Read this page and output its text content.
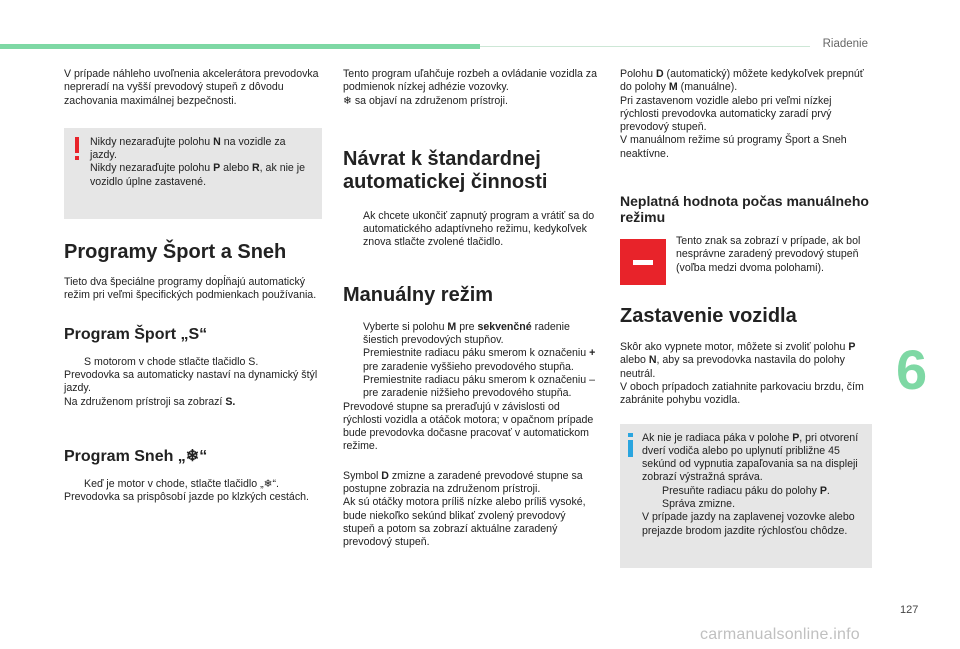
Riadenie

V prípade náhleho uvoľnenia akcelerátora prevodovka nepreradí na vyšší prevodový stupeň z dôvodu zachovania maximálnej bezpečnosti.

Nikdy nezaraďujte polohu N na vozidle za jazdy.

Nikdy nezaraďujte polohu P alebo R, ak nie je vozidlo úplne zastavené.

Programy Šport a Sneh

Tieto dva špeciálne programy dopĺňajú automatický režim pri veľmi špecifických podmienkach používania.

Program Šport „S“
S motorom v chode stlačte tlačidlo S.

Prevodovka sa automaticky nastaví na dynamický štýl jazdy.

Na združenom prístroji sa zobrazí S.

Program Sneh „❄“
Keď je motor v chode, stlačte tlačidlo „❄“.

Prevodovka sa prispôsobí jazde po klzkých cestách.

Tento program uľahčuje rozbeh a ovládanie vozidla za podmienok nízkej adhézie vozovky.

❄ sa objaví na združenom prístroji.

Návrat k štandardnej automatickej činnosti
Ak chcete ukončiť zapnutý program a vrátiť sa do automatického adaptívneho režimu, kedykoľvek znova stlačte zvolené tlačidlo.
Manuálny režim
Vyberte si polohu M pre sekvenčné radenie šiestich prevodových stupňov.
Premiestnite radiacu páku smerom k označeniu + pre zaradenie vyššieho prevodového stupňa.
Premiestnite radiacu páku smerom k označeniu – pre zaradenie nižšieho prevodového stupňa.

Prevodové stupne sa preraďujú v závislosti od rýchlosti vozidla a otáčok motora; v opačnom prípade bude prevodovka dočasne pracovať v automatickom režime.

Symbol D zmizne a zaradené prevodové stupne sa postupne zobrazia na združenom prístroji.

Ak sú otáčky motora príliš nízke alebo príliš vysoké, bude niekoľko sekúnd blikať zvolený prevodový stupeň a potom sa zobrazí aktuálne zaradený prevodový stupeň.

Polohu D (automatický) môžete kedykoľvek prepnúť do polohy M (manuálne).

Pri zastavenom vozidle alebo pri veľmi nízkej rýchlosti prevodovka automaticky zaradí prvý prevodový stupeň.

V manuálnom režime sú programy Šport a Sneh neaktívne.

Neplatná hodnota počas manuálneho režimu

Tento znak sa zobrazí v prípade, ak bol nesprávne zaradený prevodový stupeň (voľba medzi dvoma polohami).

Zastavenie vozidla

Skôr ako vypnete motor, môžete si zvoliť polohu P alebo N, aby sa prevodovka nastavila do polohy neutrál.

V oboch prípadoch zatiahnite parkovaciu brzdu, čím zabránite pohybu vozidla.

Ak nie je radiaca páka v polohe P, pri otvorení dverí vodiča alebo po uplynutí približne 45 sekúnd od vypnutia zapaľovania sa na displeji zobrazí výstražná správa.

Presuňte radiacu páku do polohy P.
Správa zmizne.

V prípade jazdy na zaplavenej vozovke alebo prejazde brodom jazdite rýchlosťou chôdze.

6
127
carmanualsonline.info
